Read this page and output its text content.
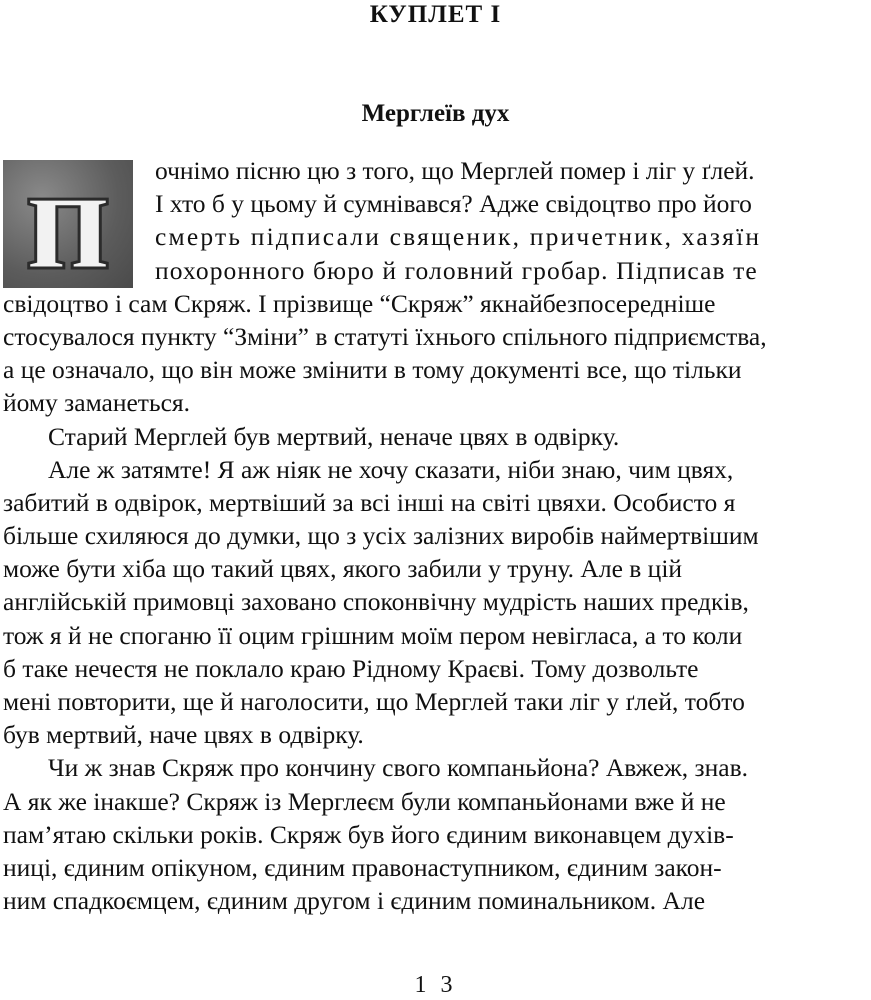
КУПЛЕТ І
Мерглеїв дух
п очнімо пісню цю з того, що Мерглей помер і ліг у ґлей.
І хто б у цьому й сумнівався? Адже свідоцтво про його
смерть підписали священик, причетник, хазяїн
похоронного бюро й головний гробар. Підписав те
свідоцтво і сам Скряж. І прізвище “Скряж” якнайбезпосередніше
стосувалося пункту “Зміни” в статуті їхнього спільного підприємства,
а це означало, що він може змінити в тому документі все, що тільки
йому заманеться.
Старий Мерглей був мертвий, неначе цвях в одвірку.
Але ж затямте! Я аж ніяк не хочу сказати, ніби знаю, чим цвях,
забитий в одвірок, мертвіший за всі інші на світі цвяхи. Особисто я
більше схиляюся до думки, що з усіх залізних виробів наймертвішим
може бути хіба що такий цвях, якого забили у труну. Але в цій
англійській примовці заховано споконвічну мудрість наших предків,
тож я й не споганю її оцим грішним моїм пером невігласа, а то коли
б таке нечестя не поклало краю Рідному Краєві. Тому дозвольте
мені повторити, ще й наголосити, що Мерглей таки ліг у ґлей, тобто
був мертвий, наче цвях в одвірку.
Чи ж знав Скряж про кончину свого компаньйона? Авжеж, знав.
А як же інакше? Скряж із Мерглеєм були компаньйонами вже й не
пам’ятаю скільки років. Скряж був його єдиним виконавцем духів-
ниці, єдиним опікуном, єдиним правонаступником, єдиним закон-
ним спадкоємцем, єдиним другом і єдиним поминальником. Але
1 3
